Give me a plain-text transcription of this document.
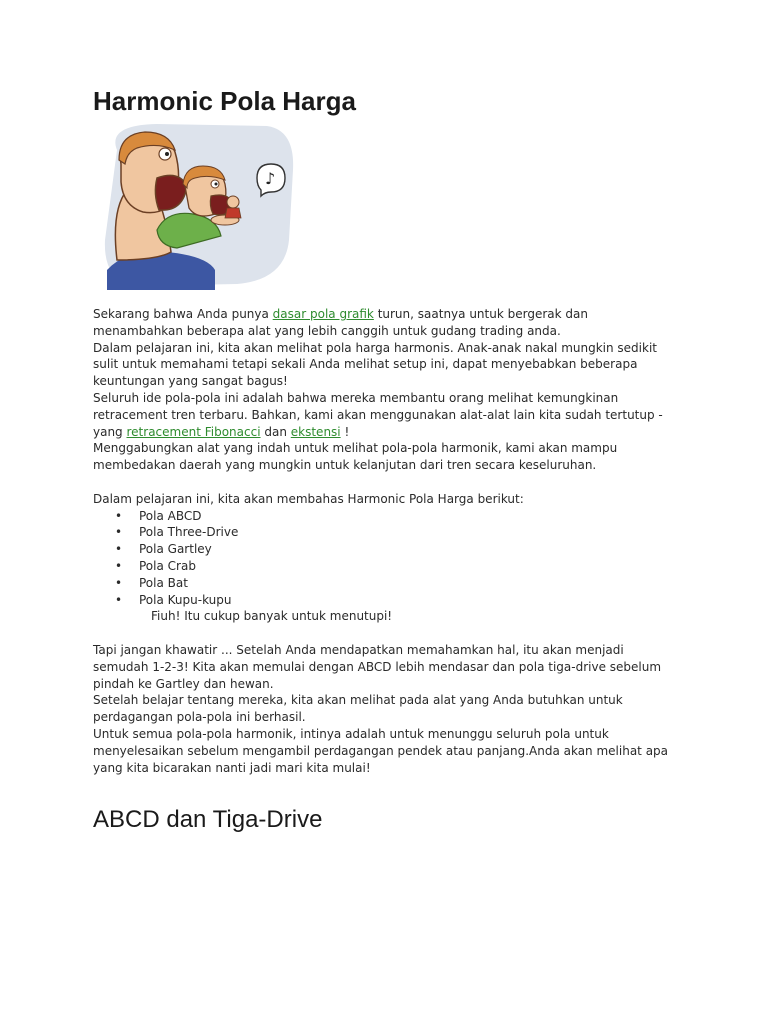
Harmonic Pola Harga
♪

Sekarang bahwa Anda punya dasar pola grafik turun, saatnya untuk bergerak dan menambahkan beberapa alat yang lebih canggih untuk gudang trading anda.

Dalam pelajaran ini, kita akan melihat pola harga harmonis. Anak-anak nakal mungkin sedikit sulit untuk memahami tetapi sekali Anda melihat setup ini, dapat menyebabkan beberapa keuntungan yang sangat bagus!

Seluruh ide pola-pola ini adalah bahwa mereka membantu orang melihat kemungkinan retracement tren terbaru. Bahkan, kami akan menggunakan alat-alat lain kita sudah tertutup - yang retracement Fibonacci dan ekstensi !

Menggabungkan alat yang indah untuk melihat pola-pola harmonik, kami akan mampu membedakan daerah yang mungkin untuk kelanjutan dari tren secara keseluruhan.

Dalam pelajaran ini, kita akan membahas Harmonic Pola Harga berikut:

• Pola ABCD
• Pola Three-Drive
• Pola Gartley
• Pola Crab
• Pola Bat
• Pola Kupu-kupu

Fiuh! Itu cukup banyak untuk menutupi!

Tapi jangan khawatir ... Setelah Anda mendapatkan memahamkan hal, itu akan menjadi semudah 1-2-3! Kita akan memulai dengan ABCD lebih mendasar dan pola tiga-drive sebelum pindah ke Gartley dan hewan.

Setelah belajar tentang mereka, kita akan melihat pada alat yang Anda butuhkan untuk perdagangan pola-pola ini berhasil.

Untuk semua pola-pola harmonik, intinya adalah untuk menunggu seluruh pola untuk menyelesaikan sebelum mengambil perdagangan pendek atau panjang.Anda akan melihat apa yang kita bicarakan nanti jadi mari kita mulai!

ABCD dan Tiga-Drive
